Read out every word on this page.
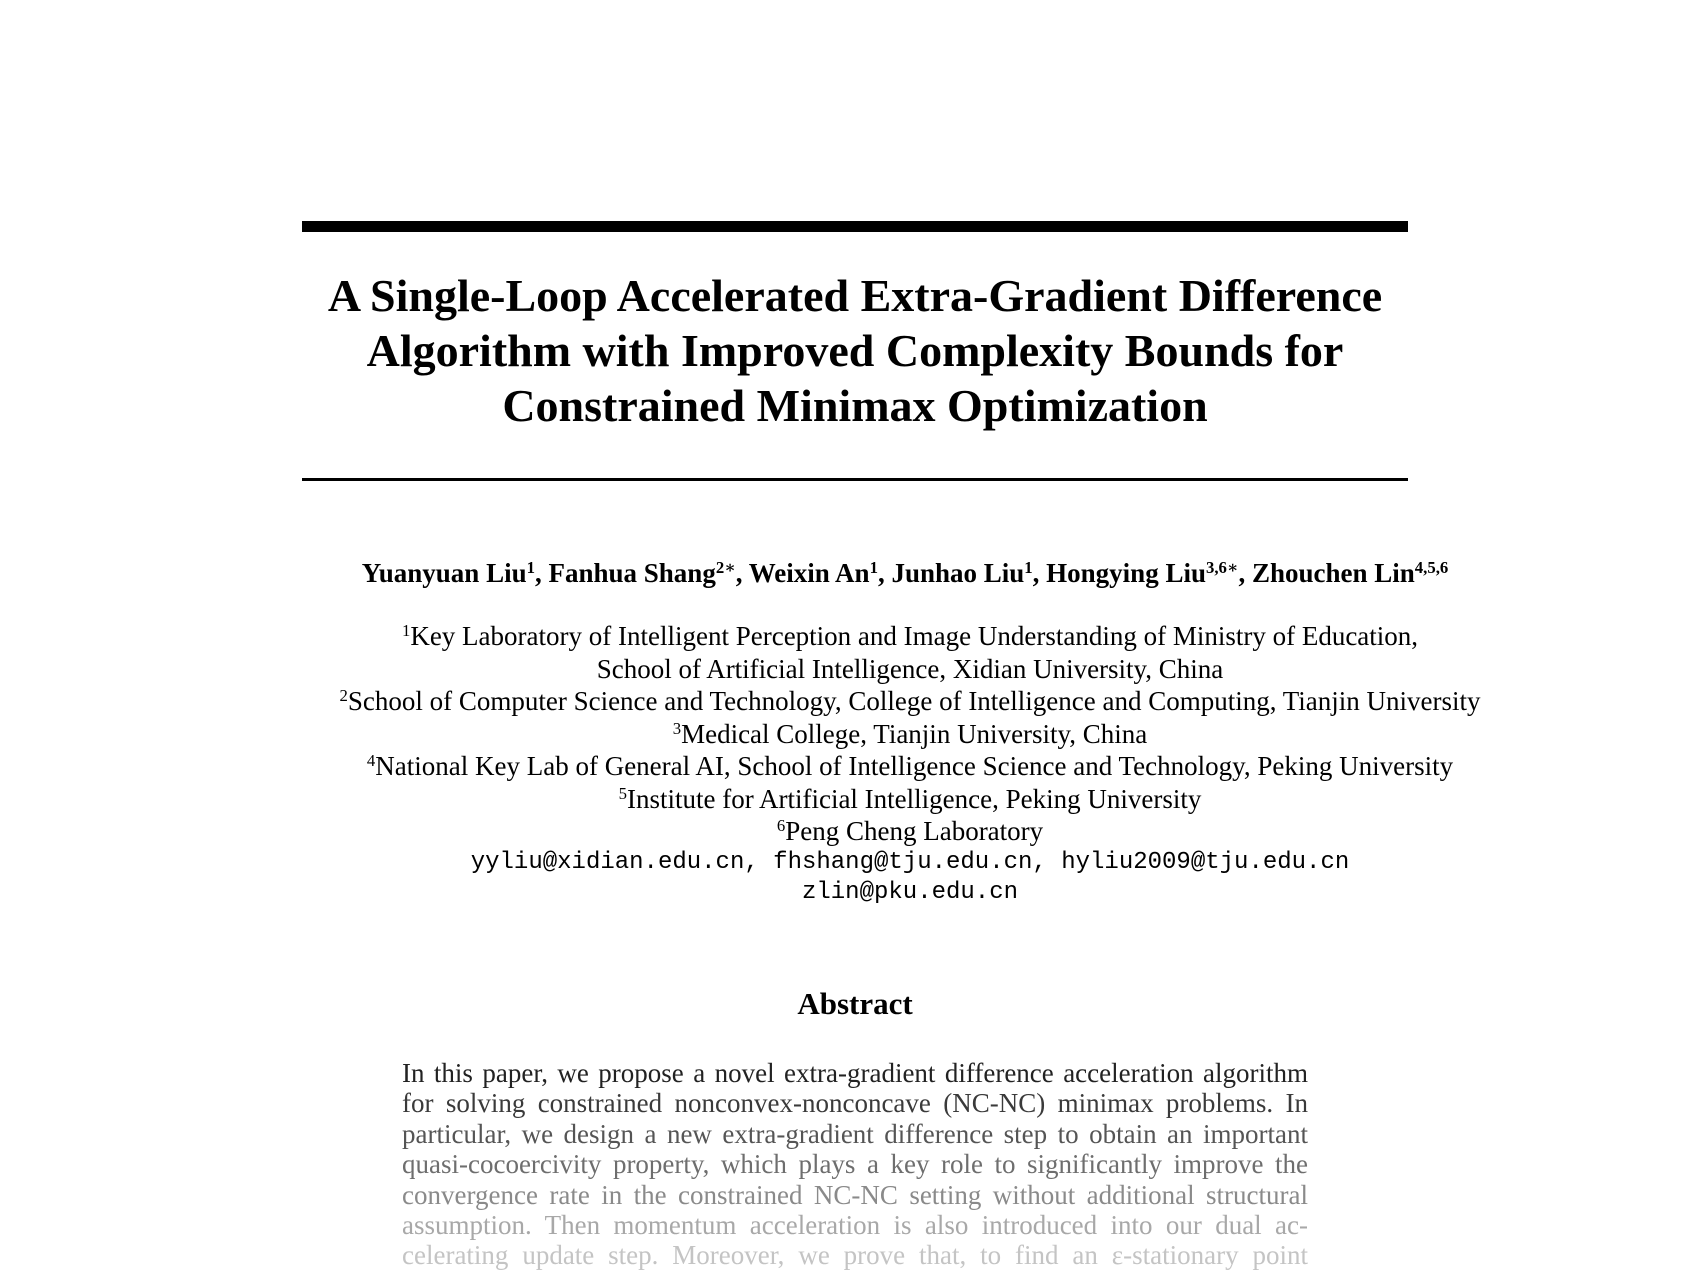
A Single-Loop Accelerated Extra-Gradient Difference
Algorithm with Improved Complexity Bounds for
Constrained Minimax Optimization
Yuanyuan Liu$^1$, Fanhua Shang$^{2∗}$, Weixin An$^1$, Junhao Liu$^1$, Hongying Liu$^{3,6∗}$, Zhouchen Lin$^{4,5,6}$
$^1$Key Laboratory of Intelligent Perception and Image Understanding of Ministry of Education,
School of Artificial Intelligence, Xidian University, China
$^2$School of Computer Science and Technology, College of Intelligence and Computing, Tianjin University
$^3$Medical College, Tianjin University, China
$^4$National Key Lab of General AI, School of Intelligence Science and Technology, Peking University
$^5$Institute for Artificial Intelligence, Peking University
$^6$Peng Cheng Laboratory
yyliu@xidian.edu.cn, fhshang@tju.edu.cn, hyliu2009@tju.edu.cn
zlin@pku.edu.cn
Abstract
In this paper, we propose a novel extra-gradient difference acceleration algorithm
for solving constrained nonconvex-nonconcave (NC-NC) minimax problems. In
particular, we design a new extra-gradient difference step to obtain an important
quasi-cocoercivity property, which plays a key role to significantly improve the
convergence rate in the constrained NC-NC setting without additional structural
assumption. Then momentum acceleration is also introduced into our dual ac-
celerating update step. Moreover, we prove that, to find an ε-stationary point
